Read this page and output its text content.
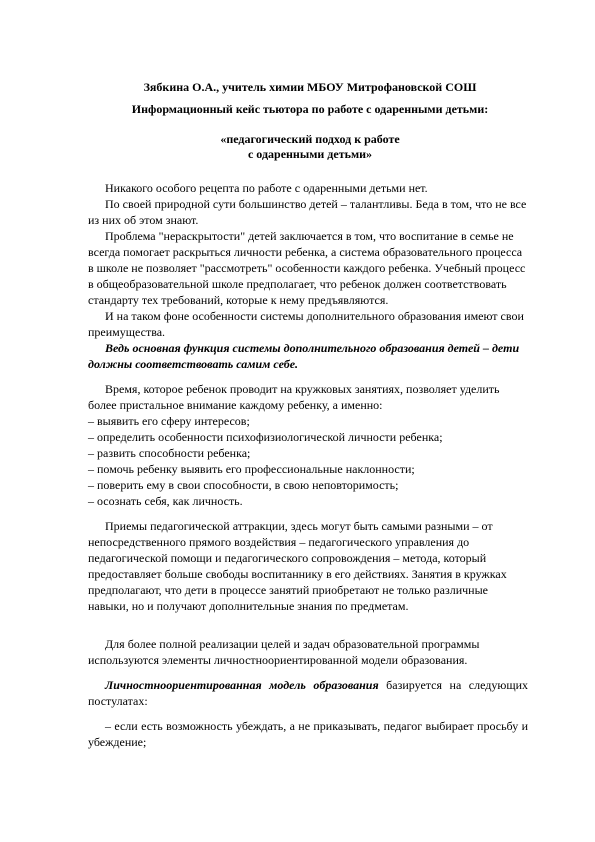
Зябкина О.А., учитель химии МБОУ Митрофановской СОШ
Информационный кейс тьютора по работе с одаренными детьми:
«педагогический подход к работе
с одаренными детьми»

Никакого особого рецепта по работе с одаренными детьми нет.

По своей природной сути большинство детей – талантливы. Беда в том, что не все из них об этом знают.

Проблема "нераскрытости" детей заключается в том, что воспитание в семье не всегда помогает раскрыться личности ребенка, а система образовательного процесса в школе не позволяет "рассмотреть" особенности каждого ребенка. Учебный процесс в общеобразовательной школе предполагает, что ребенок должен соответствовать стандарту тех требований, которые к нему предъявляются.

И на таком фоне особенности системы дополнительного образования имеют свои преимущества.

Ведь основная функция системы дополнительного образования детей – дети должны соответствовать самим себе.

Время, которое ребенок проводит на кружковых занятиях, позволяет уделить более пристальное внимание каждому ребенку, а именно:

– выявить его сферу интересов;

– определить особенности психофизиологической личности ребенка;

– развить способности ребенка;

– помочь ребенку выявить его профессиональные наклонности;

– поверить ему в свои способности, в свою неповторимость;

– осознать себя, как личность.

Приемы педагогической аттракции, здесь могут быть самыми разными – от непосредственного прямого воздействия – педагогического управления до педагогической помощи и педагогического сопровождения – метода, который предоставляет больше свободы воспитаннику в его действиях. Занятия в кружках предполагают, что дети в процессе занятий приобретают не только различные навыки, но и получают дополнительные знания по предметам.

Для более полной реализации целей и задач образовательной программы используются элементы личностноориентированной модели образования.

Личностноориентированная модель образования базируется на следующих постулатах:

– если есть возможность убеждать, а не приказывать, педагог выбирает просьбу и убеждение;
